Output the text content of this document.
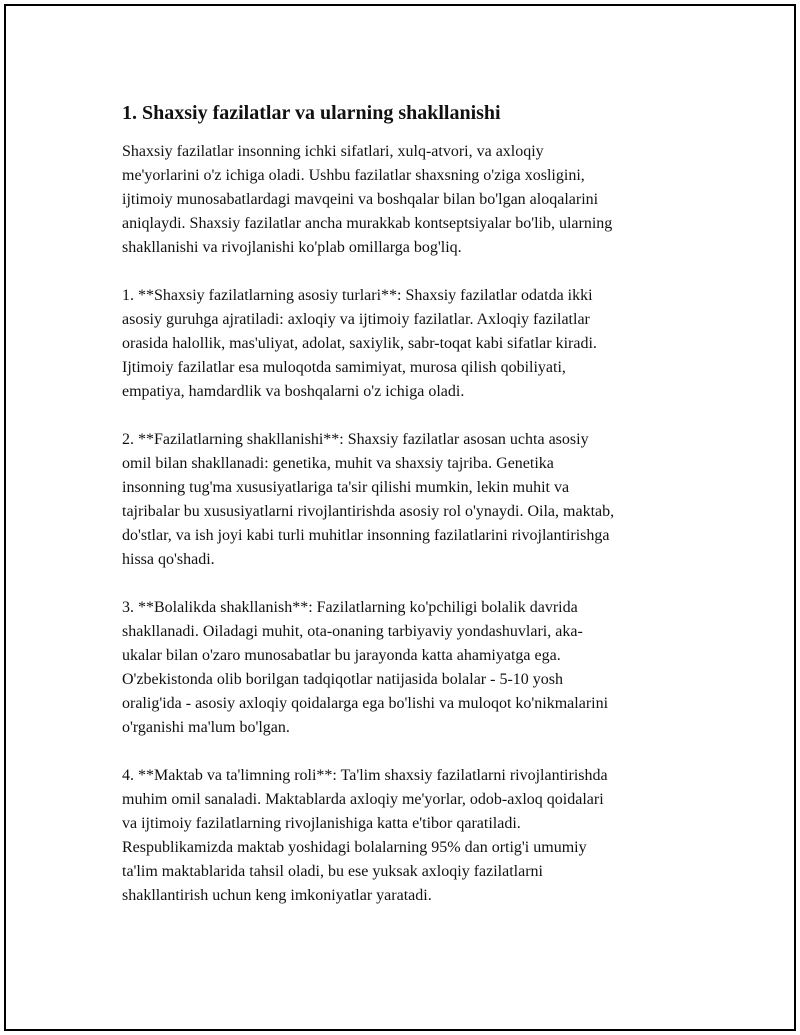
1. Shaxsiy fazilatlar va ularning shakllanishi

Shaxsiy fazilatlar insonning ichki sifatlari, xulq-atvori, va axloqiy
me'yorlarini o'z ichiga oladi. Ushbu fazilatlar shaxsning o'ziga xosligini,
ijtimoiy munosabatlardagi mavqeini va boshqalar bilan bo'lgan aloqalarini
aniqlaydi. Shaxsiy fazilatlar ancha murakkab kontseptsiyalar bo'lib, ularning
shakllanishi va rivojlanishi ko'plab omillarga bog'liq.

1. **Shaxsiy fazilatlarning asosiy turlari**: Shaxsiy fazilatlar odatda ikki
asosiy guruhga ajratiladi: axloqiy va ijtimoiy fazilatlar. Axloqiy fazilatlar
orasida halollik, mas'uliyat, adolat, saxiylik, sabr-toqat kabi sifatlar kiradi.
Ijtimoiy fazilatlar esa muloqotda samimiyat, murosa qilish qobiliyati,
empatiya, hamdardlik va boshqalarni o'z ichiga oladi.

2. **Fazilatlarning shakllanishi**: Shaxsiy fazilatlar asosan uchta asosiy
omil bilan shakllanadi: genetika, muhit va shaxsiy tajriba. Genetika
insonning tug'ma xususiyatlariga ta'sir qilishi mumkin, lekin muhit va
tajribalar bu xususiyatlarni rivojlantirishda asosiy rol o'ynaydi. Oila, maktab,
do'stlar, va ish joyi kabi turli muhitlar insonning fazilatlarini rivojlantirishga
hissa qo'shadi.

3. **Bolalikda shakllanish**: Fazilatlarning ko'pchiligi bolalik davrida
shakllanadi. Oiladagi muhit, ota-onaning tarbiyaviy yondashuvlari, aka-
ukalar bilan o'zaro munosabatlar bu jarayonda katta ahamiyatga ega.
O'zbekistonda olib borilgan tadqiqotlar natijasida bolalar - 5-10 yosh
oralig'ida - asosiy axloqiy qoidalarga ega bo'lishi va muloqot ko'nikmalarini
o'rganishi ma'lum bo'lgan.

4. **Maktab va ta'limning roli**: Ta'lim shaxsiy fazilatlarni rivojlantirishda
muhim omil sanaladi. Maktablarda axloqiy me'yorlar, odob-axloq qoidalari
va ijtimoiy fazilatlarning rivojlanishiga katta e'tibor qaratiladi.
Respublikamizda maktab yoshidagi bolalarning 95% dan ortig'i umumiy
ta'lim maktablarida tahsil oladi, bu ese yuksak axloqiy fazilatlarni
shakllantirish uchun keng imkoniyatlar yaratadi.
